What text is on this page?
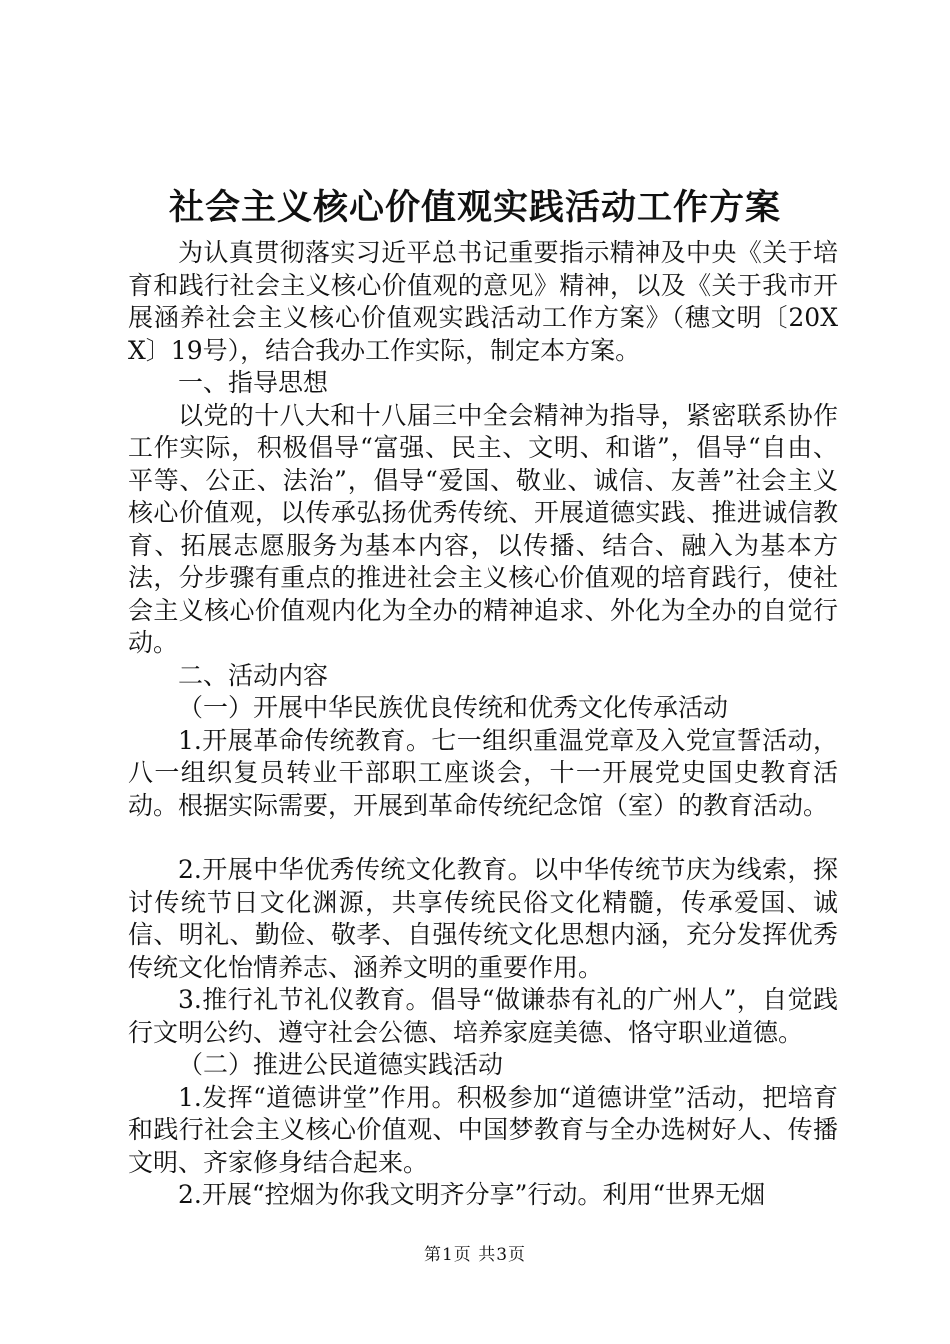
社会主义核心价值观实践活动工作方案

为认真贯彻落实习近平总书记重要指示精神及中央《关于培育和践行社会主义核心价值观的意见》精神，以及《关于我市开展涵养社会主义核心价值观实践活动工作方案》（穗文明〔20XX〕19号），结合我办工作实际，制定本方案。

一、指导思想

以党的十八大和十八届三中全会精神为指导，紧密联系协作工作实际，积极倡导“富强、民主、文明、和谐”，倡导“自由、平等、公正、法治”，倡导“爱国、敬业、诚信、友善”社会主义核心价值观，以传承弘扬优秀传统、开展道德实践、推进诚信教育、拓展志愿服务为基本内容，以传播、结合、融入为基本方法，分步骤有重点的推进社会主义核心价值观的培育践行，使社会主义核心价值观内化为全办的精神追求、外化为全办的自觉行动。

二、活动内容

（一）开展中华民族优良传统和优秀文化传承活动

1.开展革命传统教育。七一组织重温党章及入党宣誓活动，八一组织复员转业干部职工座谈会，十一开展党史国史教育活动。根据实际需要，开展到革命传统纪念馆（室）的教育活动。

2.开展中华优秀传统文化教育。以中华传统节庆为线索，探讨传统节日文化渊源，共享传统民俗文化精髓，传承爱国、诚信、明礼、勤俭、敬孝、自强传统文化思想内涵，充分发挥优秀传统文化怡情养志、涵养文明的重要作用。

3.推行礼节礼仪教育。倡导“做谦恭有礼的广州人”，自觉践行文明公约、遵守社会公德、培养家庭美德、恪守职业道德。

（二）推进公民道德实践活动

1.发挥“道德讲堂”作用。积极参加“道德讲堂”活动，把培育和践行社会主义核心价值观、中国梦教育与全办选树好人、传播文明、齐家修身结合起来。

2.开展“控烟为你我文明齐分享”行动。利用“世界无烟

第1页 共3页
